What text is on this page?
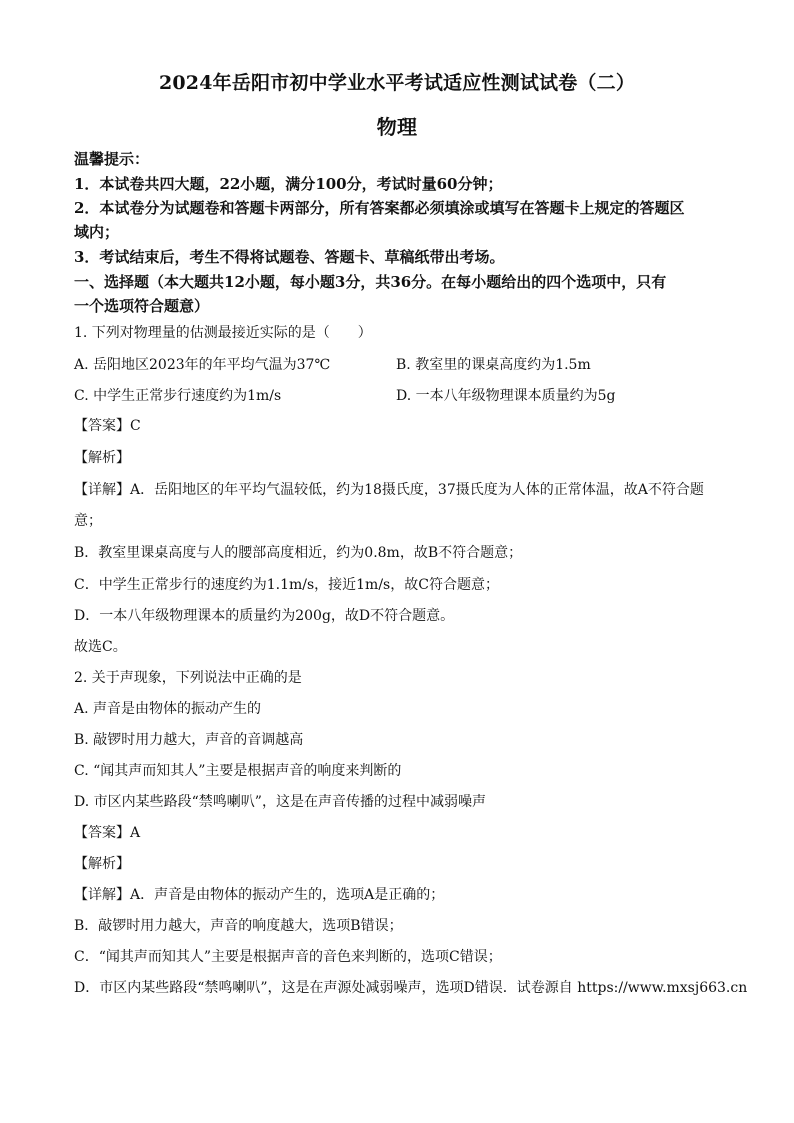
2024年岳阳市初中学业水平考试适应性测试试卷（二）
物理
温馨提示：
1．本试卷共四大题，22小题，满分100分，考试时量60分钟；
2．本试卷分为试题卷和答题卡两部分，所有答案都必须填涂或填写在答题卡上规定的答题区
域内；
3．考试结束后，考生不得将试题卷、答题卡、草稿纸带出考场。
一、选择题（本大题共12小题，每小题3分，共36分。在每小题给出的四个选项中，只有
一个选项符合题意）
1. 下列对物理量的估测最接近实际的是（　　）
A. 岳阳地区2023年的年平均气温为37℃	B. 教室里的课桌高度约为1.5m
C. 中学生正常步行速度约为1m/s	D. 一本八年级物理课本质量约为5g
【答案】C
【解析】
【详解】A．岳阳地区的年平均气温较低，约为18摄氏度，37摄氏度为人体的正常体温，故A不符合题
意；
B．教室里课桌高度与人的腰部高度相近，约为0.8m，故B不符合题意；
C．中学生正常步行的速度约为1.1m/s，接近1m/s，故C符合题意；
D．一本八年级物理课本的质量约为200g，故D不符合题意。
故选C。
2. 关于声现象，下列说法中正确的是
A. 声音是由物体的振动产生的
B. 敲锣时用力越大，声音的音调越高
C. “闻其声而知其人”主要是根据声音的响度来判断的
D. 市区内某些路段“禁鸣喇叭”，这是在声音传播的过程中减弱噪声
【答案】A
【解析】
【详解】A．声音是由物体的振动产生的，选项A是正确的；
B．敲锣时用力越大，声音的响度越大，选项B错误；
C．“闻其声而知其人”主要是根据声音的音色来判断的，选项C错误；
D．市区内某些路段“禁鸣喇叭”，这是在声源处减弱噪声，选项D错误．试卷源自 https://www.mxsj663.cn
